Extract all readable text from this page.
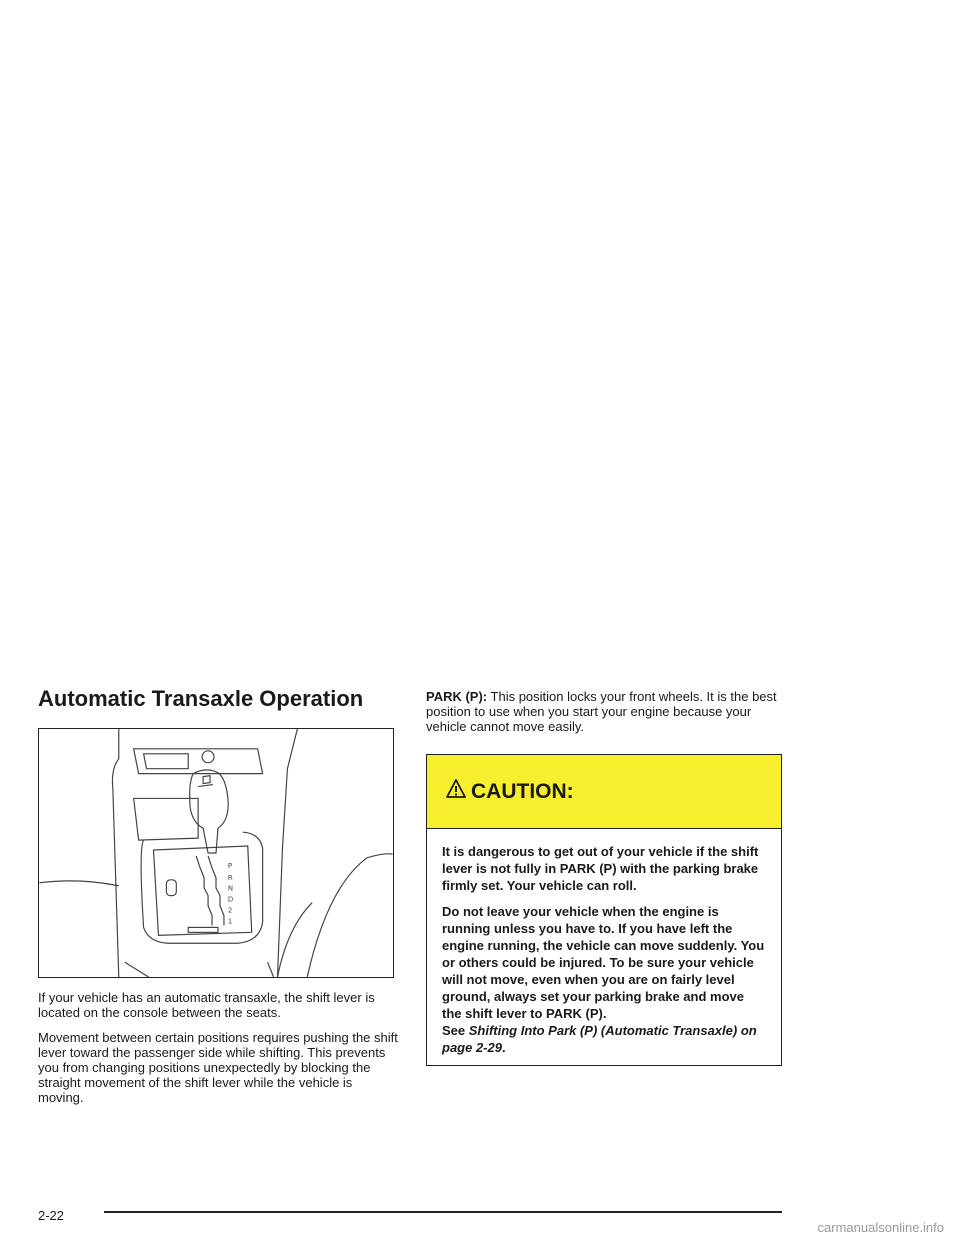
Automatic Transaxle Operation
P
R
N
D
2
1

If your vehicle has an automatic transaxle, the shift lever is located on the console between the seats.

Movement between certain positions requires pushing the shift lever toward the passenger side while shifting. This prevents you from changing positions unexpectedly by blocking the straight movement of the shift lever while the vehicle is moving.

PARK (P): This position locks your front wheels. It is the best position to use when you start your engine because your vehicle cannot move easily.

CAUTION:

It is dangerous to get out of your vehicle if the shift lever is not fully in PARK (P) with the parking brake firmly set. Your vehicle can roll.

Do not leave your vehicle when the engine is running unless you have to. If you have left the engine running, the vehicle can move suddenly. You or others could be injured. To be sure your vehicle will not move, even when you are on fairly level ground, always set your parking brake and move the shift lever to PARK (P).
See Shifting Into Park (P) (Automatic Transaxle) on page 2-29.

2-22
carmanualsonline.info
